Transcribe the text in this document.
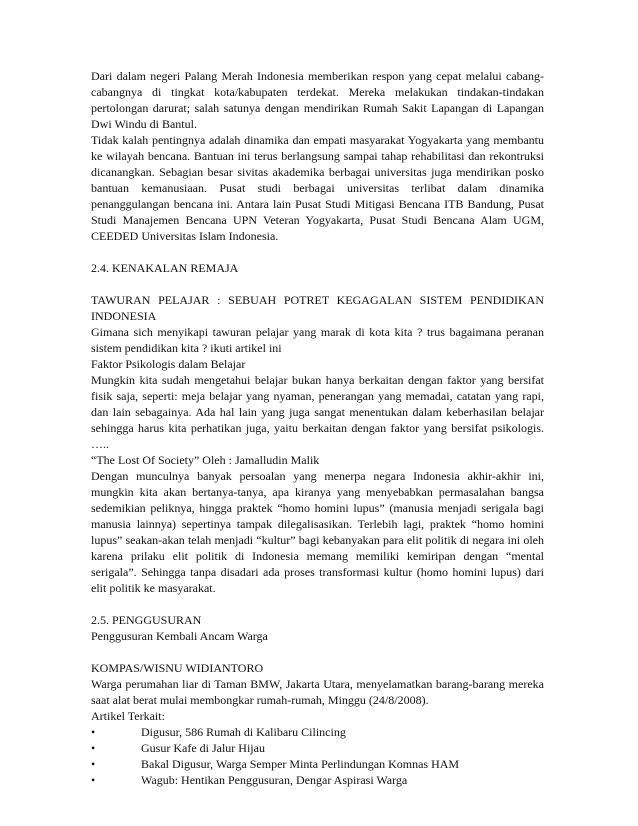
Dari dalam negeri Palang Merah Indonesia memberikan respon yang cepat melalui cabang-cabangnya di tingkat kota/kabupaten terdekat. Mereka melakukan tindakan-tindakan pertolongan darurat; salah satunya dengan mendirikan Rumah Sakit Lapangan di Lapangan Dwi Windu di Bantul.

Tidak kalah pentingnya adalah dinamika dan empati masyarakat Yogyakarta yang membantu ke wilayah bencana. Bantuan ini terus berlangsung sampai tahap rehabilitasi dan rekontruksi dicanangkan. Sebagian besar sivitas akademika berbagai universitas juga mendirikan posko bantuan kemanusiaan. Pusat studi berbagai universitas terlibat dalam dinamika penanggulangan bencana ini. Antara lain Pusat Studi Mitigasi Bencana ITB Bandung, Pusat Studi Manajemen Bencana UPN Veteran Yogyakarta, Pusat Studi Bencana Alam UGM, CEEDED Universitas Islam Indonesia.

2.4. KENAKALAN REMAJA

TAWURAN PELAJAR : SEBUAH POTRET KEGAGALAN SISTEM PENDIDIKAN INDONESIA

Gimana sich menyikapi tawuran pelajar yang marak di kota kita ? trus bagaimana peranan sistem pendidikan kita ? ikuti artikel ini

Faktor Psikologis dalam Belajar

Mungkin kita sudah mengetahui belajar bukan hanya berkaitan dengan faktor yang bersifat fisik saja, seperti: meja belajar yang nyaman, penerangan yang memadai, catatan yang rapi, dan lain sebagainya. Ada hal lain yang juga sangat menentukan dalam keberhasilan belajar sehingga harus kita perhatikan juga, yaitu berkaitan dengan faktor yang bersifat psikologis. …..

“The Lost Of Society” Oleh : Jamalludin Malik

Dengan munculnya banyak persoalan yang menerpa negara Indonesia akhir-akhir ini, mungkin kita akan bertanya-tanya, apa kiranya yang menyebabkan permasalahan bangsa sedemikian peliknya, hingga praktek “homo homini lupus” (manusia menjadi serigala bagi manusia lainnya) sepertinya tampak dilegalisasikan. Terlebih lagi, praktek “homo homini lupus” seakan-akan telah menjadi “kultur” bagi kebanyakan para elit politik di negara ini oleh karena prilaku elit politik di Indonesia memang memiliki kemiripan dengan “mental serigala”. Sehingga tanpa disadari ada proses transformasi kultur (homo homini lupus) dari elit politik ke masyarakat.

2.5. PENGGUSURAN

Penggusuran Kembali Ancam Warga

KOMPAS/WISNU WIDIANTORO

Warga perumahan liar di Taman BMW, Jakarta Utara, menyelamatkan barang-barang mereka saat alat berat mulai membongkar rumah-rumah, Minggu (24/8/2008).

Artikel Terkait:

•	Digusur, 586 Rumah di Kalibaru Cilincing
•	Gusur Kafe di Jalur Hijau
•	Bakal Digusur, Warga Semper Minta Perlindungan Komnas HAM
•	Wagub: Hentikan Penggusuran, Dengar Aspirasi Warga
